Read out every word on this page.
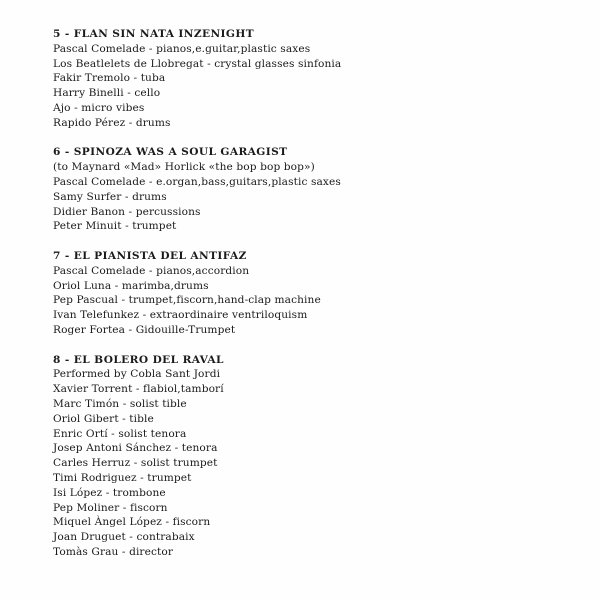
5 - FLAN SIN NATA INZENIGHT
Pascal Comelade - pianos,e.guitar,plastic saxes
Los Beatlelets de Llobregat - crystal glasses sinfonia
Fakir Tremolo - tuba
Harry Binelli - cello
Ajo - micro vibes
Rapido Pérez - drums
6 - SPINOZA WAS A SOUL GARAGIST
(to Maynard «Mad» Horlick «the bop bop bop»)
Pascal Comelade - e.organ,bass,guitars,plastic saxes
Samy Surfer - drums
Didier Banon - percussions
Peter Minuit - trumpet
7 - EL PIANISTA DEL ANTIFAZ
Pascal Comelade - pianos,accordion
Oriol Luna - marimba,drums
Pep Pascual - trumpet,fiscorn,hand-clap machine
Ivan Telefunkez - extraordinaire ventriloquism
Roger Fortea - Gidouille-Trumpet
8 - EL BOLERO DEL RAVAL
Performed by Cobla Sant Jordi
Xavier Torrent - flabiol,tamborí
Marc Timón - solist tible
Oriol Gibert - tible
Enric Ortí - solist tenora
Josep Antoni Sánchez - tenora
Carles Herruz - solist trumpet
Timi Rodriguez - trumpet
Isi López - trombone
Pep Moliner - fiscorn
Miquel Àngel López - fiscorn
Joan Druguet - contrabaix
Tomàs Grau - director
